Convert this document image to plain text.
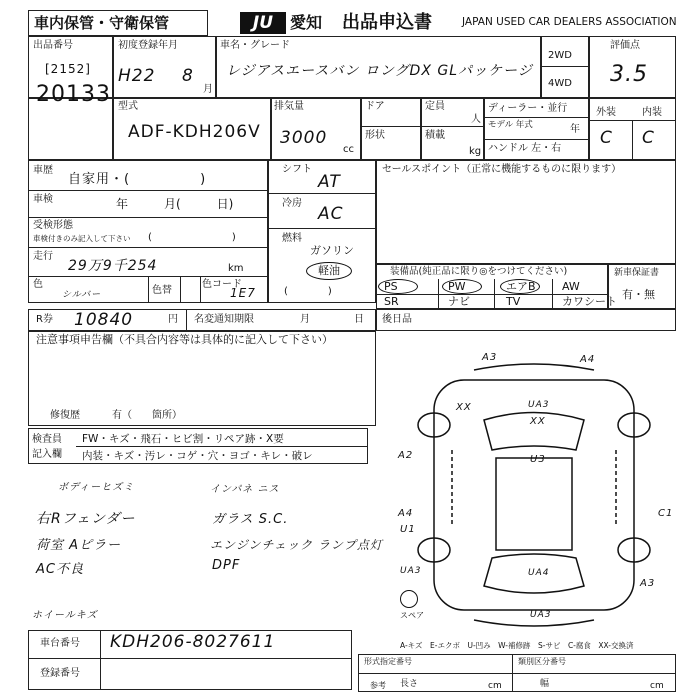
車内保管・守衛保管	JU	愛知 出品申込書	JAPAN USED CAR DEALERS ASSOCIATION
出品番号
[2152]
20133
初度登録年月
H22 8
月
車名・グレード
レジアスエースバン ロングDX GLパッケージ
2WD
4WD
評価点
3.5
型式
ADF-KDH206V
排気量
3000
cc
ドア
形状
定員
人
積載
kg
ディーラー・並行
モデル 年式	年
ハンドル 左・右
外装	内装
C C
車歴
自家用・(　　　　　)
車検	年　　　月(　　　日)
受検形態
車検付きのみ記入して下さい (　　　　　　　　)
走行
29万9千254	km
色
シルバー	色替
色コード
1E7
シフト
AT
冷房
AC
燃料
ガソリン
軽油
(　　　　)
セールスポイント（正常に機能するものに限ります）
装備品(純正品に限り◎をつけてください)	新車保証書
有・無
R券 10840	円 名変通知期限	月	日 後日品
注意事項申告欄（不具合内容等は具体的に記入して下さい）
修復歴	有（　　箇所）
検査員
記入欄
FW・キズ・飛石・ヒビ割・リペア跡・X要
内装・キズ・汚レ・コゲ・穴・ヨゴ・キレ・破レ
ボディーヒズミ	インパネ ニス
右Rフェンダー	ガラス S.C.
荷室 Aピラー	エンジンチェック ランプ点灯
AC不良	DPF
ホイールキズ
車台番号 KDH206-8027611
登録番号
A3	A4
XX	UA3
XX
A2	U3
A4
U1
C1
UA3	UA4
A3
UA3
スペア
A-キズ　E-エクボ　U-凹み　W-補修跡　S-サビ　C-腐食　XX-交換済
形式指定番号	類別区分番号
参考 長さ	cm	幅	cm
PS	PW	エアB AW
SR	ナビ	TV	カワシート
